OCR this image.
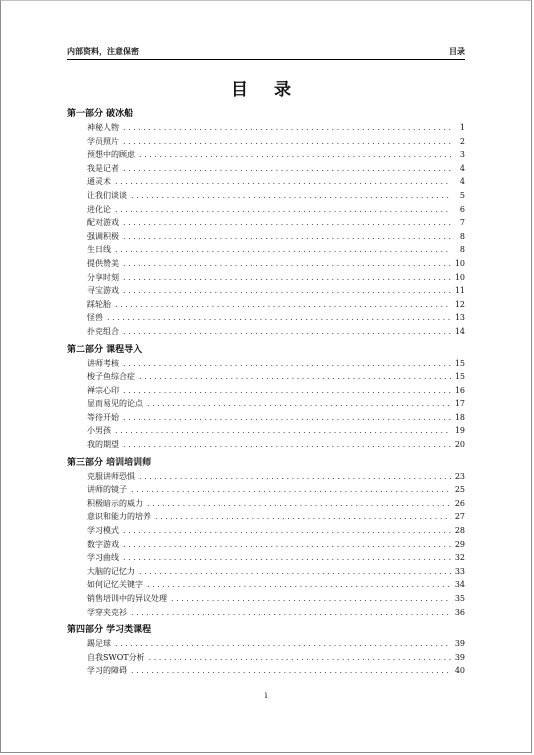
内部资料，注意保密	目录
目 录
第一部分 破冰船
神秘人物 . . .	1
学员照片 . . .	2
预想中的顾虑 . . .	3
我是记者 . . .	4
通灵术 . . .	4
让我们谈谈 . . .	5
进化论 . . .	6
配对游戏 . . .	7
强调积极 . . .	8
生日线 . . .	8
提供赞美 . . .	10
分享时刻 . . .	10
寻宝游戏 . . .	11
踩轮胎 . . .	12
怪兽 . . .	13
扑克组合 . . .	14
第二部分 课程导入
讲师考核 . . .	15
梭子鱼综合症 . . .	15
禅宗心印 . . .	16
显而易见的论点 . . .	17
等待开始 . . .	18
小男孩 . . .	19
我的期望 . . .	20
第三部分 培训培训师
克服讲师恐惧 . . .	23
讲师的镜子 . . .	25
积极暗示的威力 . . .	26
意识和能力的培养 . . .	27
学习模式 . . .	28
数字游戏 . . .	29
学习曲线 . . .	32
大脑的记忆力 . . .	33
如何记忆关键字 . . .	34
销售培训中的异议处理 . . .	35
学穿夹克衫 . . .	36
第四部分 学习类课程
踢足球 . . .	39
自我SWOT分析 . . .	39
学习的障碍 . . .	40
i
